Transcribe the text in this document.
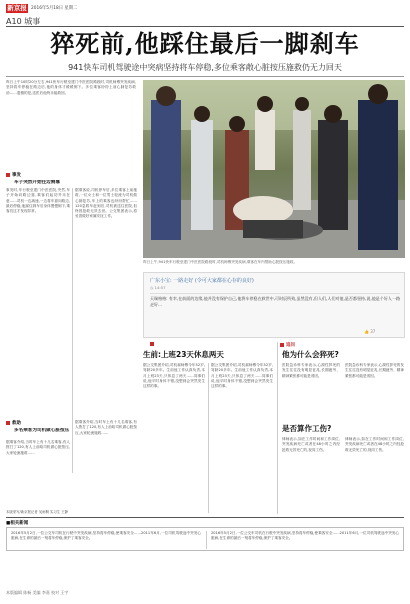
新京报 2016年5月18日 星期二
A10 城事
猝死前,他踩住最后一脚刹车
941快车司机驾驶途中突病坚持将车停稳,多位乘客敞心脏按压施救仍无力回天
昨日上午10时20分左右,941快车行驶至建门中医医院路段时,司机师傅突发疾病,坚持将车停稳在路边后,他的身体才缓缓倒下。多位乘客纷纷上前心肺复苏救治……遗憾的是,送医后他终未能救回。
事发
车子突然开始往边侧靠
事发时,车行驶至建门中医医院,突然,车子开始向路边靠,乘客们起初并未在意……司机一边减速,一边将车靠向路边,最后停稳,他踩住刹车后身体慢慢倒下,乘客们这才发现异常。
据乘客说,司机停车后,多位乘客上前施救,一位女士和一位男士轮流为司机做心肺复苏,车上的乘客也纷纷帮忙……120急救车赶到后,司机被送往医院,但终因抢救无效去世。公交集团表示,将妥善做好家属安抚工作。
救助
多名乘客为司机做心脏按压
据乘客介绍,当时车上有十几名乘客,有人拨打了120,有人上前给司机做心脏按压,大家轮流施救……
据乘客介绍,当时车上有十几名乘客,有人拨打了120,有人上前给司机做心脏按压,大家轮流施救……
本版采写/新京报记者 吴雨桐 实习生 王静
昨日上午,941快车行驶至建门中医医院路段时,司机师傅突发疾病,乘客在车内帮助心脏按压施救。
广东小宝: 一路走好 (令可大家都在心存的良好)
◷ 14:57
天瑞格格: 有幸,在前面的边缘,他并没有保护自己,他将车停稳在救世中,可时辰所致,虽然没有,但人们,人们对他,是否都坚持,说,他是个好人一路走好…
👍 37
追问
生前:上班23天休息两天
据公交集团介绍,司机郝师傅今年52岁,驾龄20多年。生前他工作认真负责,本月上班23天,只休息了两天……同事们说,他平时身体不错,没想到会突然发生这样的事。
据公交集团介绍,司机郝师傅今年52岁,驾龄20多年。生前他工作认真负责,本月上班23天,只休息了两天……同事们说,他平时身体不错,没想到会突然发生这样的事。
他为什么会猝死?
医院急诊科专家表示,心源性猝死的发生往往没有明显征兆,长期疲劳、精神紧张都可能是诱因。
医院急诊科专家表示,心源性猝死的发生往往没有明显征兆,长期疲劳、精神紧张都可能是诱因。
是否算作工伤?
律师表示,如在工作时间和工作岗位,突发疾病死亡或者在48小时之内经抢救无效死亡的,视同工伤。
律师表示,如在工作时间和工作岗位,突发疾病死亡或者在48小时之内经抢救无效死亡的,视同工伤。
■相关新闻
2016年5月2日,一位公交车司机在行驶中突发疾病,坚持将车停稳,使乘客安全……2011年6月,一位司机驾驶途中突发心脏病,在生命的最后一刻将车停稳,保护了乘客安全。
2016年5月2日,一位公交车司机在行驶中突发疾病,坚持将车停稳,使乘客安全……2011年6月,一位司机驾驶途中突发心脏病,在生命的最后一刻将车停稳,保护了乘客安全。
本版编辑 陈畅 美编 李嘉 校对 王宇
